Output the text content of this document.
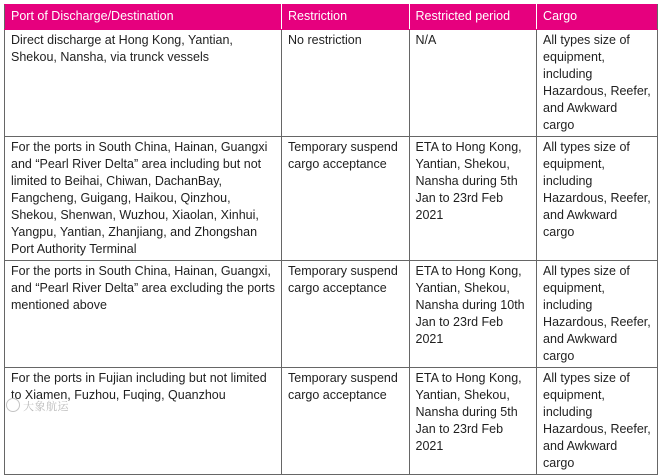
Port of Discharge/Destination	Restriction	Restricted period	Cargo
Direct discharge at Hong Kong, Yantian, Shekou, Nansha, via trunck vessels	No restriction	N/A	All types size of equipment, including Hazardous, Reefer, and Awkward cargo
For the ports in South China, Hainan, Guangxi and “Pearl River Delta” area including but not limited to Beihai, Chiwan, DachanBay, Fangcheng, Guigang, Haikou, Qinzhou, Shekou, Shenwan, Wuzhou, Xiaolan, Xinhui, Yangpu, Yantian, Zhanjiang, and Zhongshan Port Authority Terminal	Temporary suspend cargo acceptance	ETA to Hong Kong, Yantian, Shekou, Nansha during 5th Jan to 23rd Feb 2021	All types size of equipment, including Hazardous, Reefer, and Awkward cargo
For the ports in South China, Hainan, Guangxi, and “Pearl River Delta” area excluding the ports mentioned above	Temporary suspend cargo acceptance	ETA to Hong Kong, Yantian, Shekou, Nansha during 10th Jan to 23rd Feb 2021	All types size of equipment, including Hazardous, Reefer, and Awkward cargo
For the ports in Fujian including but not limited to Xiamen, Fuzhou, Fuqing, Quanzhou	Temporary suspend cargo acceptance	ETA to Hong Kong, Yantian, Shekou, Nansha during 5th Jan to 23rd Feb 2021	All types size of equipment, including Hazardous, Reefer, and Awkward cargo
大象航运
